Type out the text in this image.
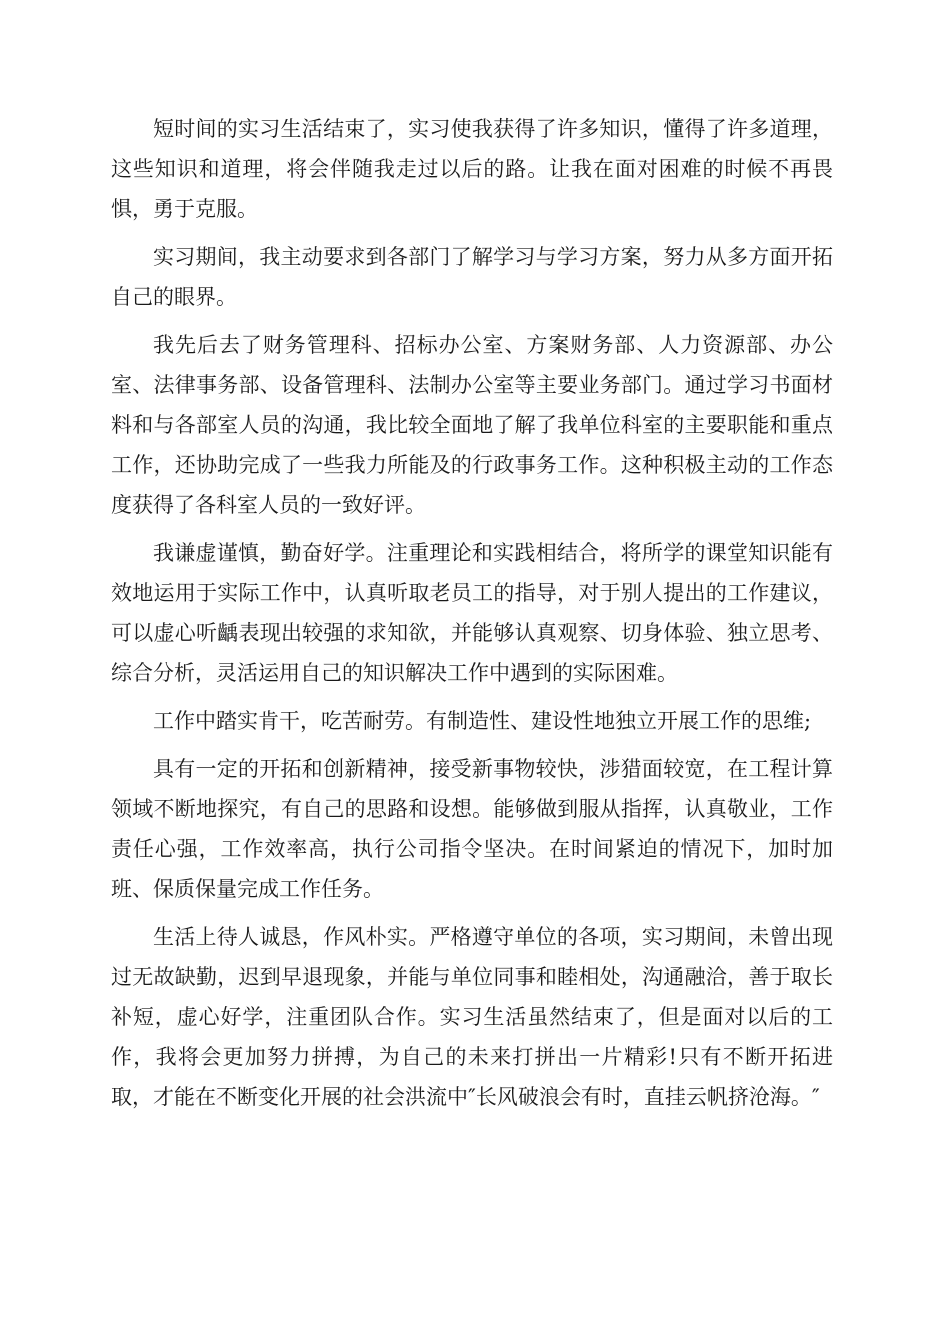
短时间的实习生活结束了，实习使我获得了许多知识，懂得了许多道理，这些知识和道理，将会伴随我走过以后的路。让我在面对困难的时候不再畏惧，勇于克服。

实习期间，我主动要求到各部门了解学习与学习方案，努力从多方面开拓自己的眼界。

我先后去了财务管理科、招标办公室、方案财务部、人力资源部、办公室、法律事务部、设备管理科、法制办公室等主要业务部门。通过学习书面材料和与各部室人员的沟通，我比较全面地了解了我单位科室的主要职能和重点工作，还协助完成了一些我力所能及的行政事务工作。这种积极主动的工作态度获得了各科室人员的一致好评。

我谦虚谨慎，勤奋好学。注重理论和实践相结合，将所学的课堂知识能有效地运用于实际工作中，认真听取老员工的指导，对于别人提出的工作建议，可以虚心听齲表现出较强的求知欲，并能够认真观察、切身体验、独立思考、综合分析，灵活运用自己的知识解决工作中遇到的实际困难。

工作中踏实肯干，吃苦耐劳。有制造性、建设性地独立开展工作的思维;

具有一定的开拓和创新精神，接受新事物较快，涉猎面较宽，在工程计算领域不断地探究，有自己的思路和设想。能够做到服从指挥，认真敬业，工作责任心强，工作效率高，执行公司指令坚决。在时间紧迫的情况下，加时加班、保质保量完成工作任务。

生活上待人诚恳，作风朴实。严格遵守单位的各项，实习期间，未曾出现过无故缺勤，迟到早退现象，并能与单位同事和睦相处，沟通融洽，善于取长补短，虚心好学，注重团队合作。实习生活虽然结束了，但是面对以后的工作，我将会更加努力拼搏，为自己的未来打拼出一片精彩!只有不断开拓进取，才能在不断变化开展的社会洪流中″长风破浪会有时，直挂云帆挤沧海。″
